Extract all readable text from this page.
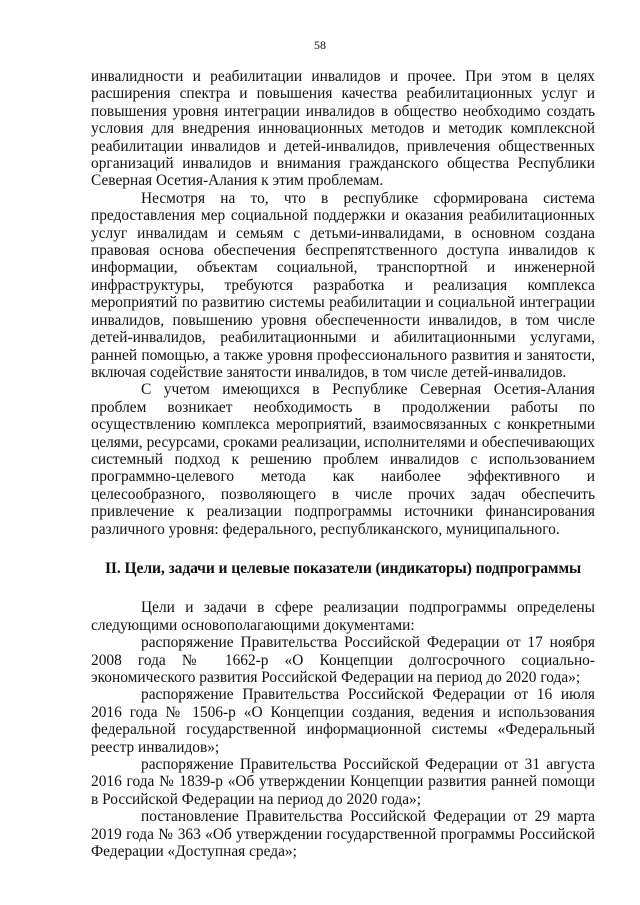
58

инвалидности и реабилитации инвалидов и прочее. При этом в целях расширения спектра и повышения качества реабилитационных услуг и повышения уровня интеграции инвалидов в общество необходимо создать условия для внедрения инновационных методов и методик комплексной реабилитации инвалидов и детей-инвалидов, привлечения общественных организаций инвалидов и внимания гражданского общества Республики Северная Осетия-Алания к этим проблемам.

Несмотря на то, что в республике сформирована система предоставления мер социальной поддержки и оказания реабилитационных услуг инвалидам и семьям с детьми-инвалидами, в основном создана правовая основа обеспечения беспрепятственного доступа инвалидов к информации, объектам социальной, транспортной и инженерной инфраструктуры, требуются разработка и реализация комплекса мероприятий по развитию системы реабилитации и социальной интеграции инвалидов, повышению уровня обеспеченности инвалидов, в том числе детей-инвалидов, реабилитационными и абилитационными услугами, ранней помощью, а также уровня профессионального развития и занятости, включая содействие занятости инвалидов, в том числе детей-инвалидов.

С учетом имеющихся в Республике Северная Осетия-Алания проблем возникает необходимость в продолжении работы по осуществлению комплекса мероприятий, взаимосвязанных с конкретными целями, ресурсами, сроками реализации, исполнителями и обеспечивающих системный подход к решению проблем инвалидов с использованием программно-целевого метода как наиболее эффективного и целесообразного, позволяющего в числе прочих задач обеспечить привлечение к реализации подпрограммы источники финансирования различного уровня: федерального, республиканского, муниципального.

II. Цели, задачи и целевые показатели (индикаторы) подпрограммы

Цели и задачи в сфере реализации подпрограммы определены следующими основополагающими документами:

распоряжение Правительства Российской Федерации от 17 ноября 2008 года № 1662-р «О Концепции долгосрочного социально-экономического развития Российской Федерации на период до 2020 года»;

распоряжение Правительства Российской Федерации от 16 июля 2016 года № 1506-р «О Концепции создания, ведения и использования федеральной государственной информационной системы «Федеральный реестр инвалидов»;

распоряжение Правительства Российской Федерации от 31 августа 2016 года № 1839-р «Об утверждении Концепции развития ранней помощи в Российской Федерации на период до 2020 года»;

постановление Правительства Российской Федерации от 29 марта 2019 года № 363 «Об утверждении государственной программы Российской Федерации «Доступная среда»;
